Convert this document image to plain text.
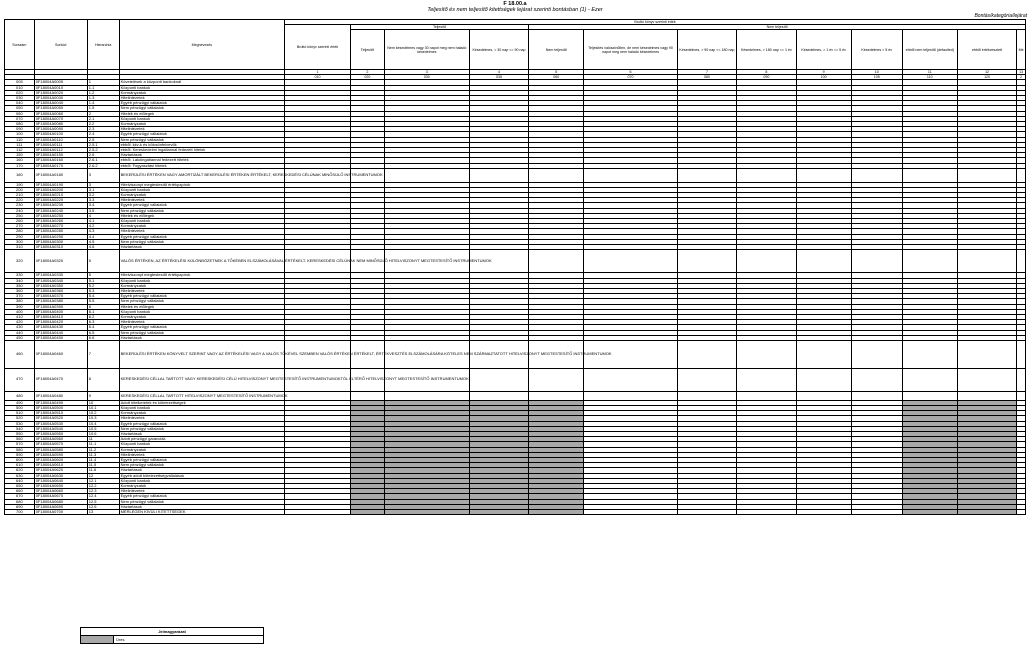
F 18.00.a
Teljesítő és nem teljesítő kitettségek lejárat szerinti bontásban (1) - Ezer
Bontás/kategória/lejárat
Sorszám	Sorkód	Hierarchia	Megnevezés	Bruttó könyv szerinti érték												
				Bruttó könyv szerinti érték	Teljesítő			Nem teljesítő								
					Teljesítő	Nem késedelmes vagy 30 napot meg nem haladó késedelmes	Késedelmes, > 30 nap <= 90 nap	Nem teljesítő	Teljesítés valószínűtlen, de nem késedelmes vagy 90 napot meg nem haladó késedelmes	Késedelmes, > 90 nap <= 180 nap	Késedelmes, > 180 nap <= 1 év	Késedelmes, > 1 év <= 5 év	Késedelmes > 5 év	ebből nem teljesítő (defaulted)	ebből értékvesztett	Mé
				1	2	3	4	5	6	7	8	9	10	11	12	13
				010	020	030	035	060	070	080	090	100	105	110	120	2
005	0F18004A0005	1	Követelések a központi bankoknál													
010	0F18004A0010	1.1	Központi bankok													
020	0F18004A0020	1.2	Kormányzatok													
030	0F18004A0030	1.3	Hitelintézetek													
040	0F18004A0040	1.4	Egyéb pénzügyi vállalatok													
050	0F18004A0050	1.5	Nem pénzügyi vállalatok													
060	0F18004A0060	2	Hitelek és előlegek													
070	0F18004A0070	2.1	Központi bankok													
080	0F18004A0080	2.2	Kormányzatok													
090	0F18004A0090	2.3	Hitelintézetek													
100	0F18004A0100	2.4	Egyéb pénzügyi vállalatok													
110	0F18004A0110	2.5	Nem pénzügyi vállalatok													
111	0F18004A0111	2.5.1	ebből: kkv-k és kölcsönfelvevők													
112	0F18004A0112	2.5.2	ebből: Kereskedelmi ingatlannal fedezett hitelek													
150	0F18004A0150	2.6	Háztartások													
160	0F18004A0160	2.6.1	ebből: Lakóingatlannal fedezett hitelek													
170	0F18004A0170	2.6.2	ebből: Fogyasztási hitelek													
180	0F18004A0180	3	BEKERÜLÉSI ÉRTÉKEN VAGY AMORTIZÁLT BEKERÜLÉSI ÉRTÉKEN ÉRTÉKELT, KERESKEDÉSI CÉLÚNAK MINŐSÜLŐ INSTRUMENTUMOK													
190	0F18004A0190	3	Hitelviszonyt megtestesítő értékpapírok													
200	0F18004A0200	3.1	Központi bankok													
210	0F18004A0210	3.2	Kormányzatok													
220	0F18004A0220	3.3	Hitelintézetek													
230	0F18004A0230	3.4	Egyéb pénzügyi vállalatok													
240	0F18004A0240	3.5	Nem pénzügyi vállalatok													
250	0F18004A0250	4	Hitelek és előlegek													
260	0F18004A0260	4.1	Központi bankok													
270	0F18004A0270	4.2	Kormányzatok													
280	0F18004A0280	4.3	Hitelintézetek													
290	0F18004A0290	4.4	Egyéb pénzügyi vállalatok													
300	0F18004A0300	4.5	Nem pénzügyi vállalatok													
310	0F18004A0310	4.6	Háztartások													
320	0F18004A0320	5	VALÓS ÉRTÉKEN, AZ ÉRTÉKELÉSI KÜLÖNBÖZETNEK A TŐKÉBEN ELSZÁMOLÁSÁVAL ÉRTÉKELT, KERESKEDÉSI CÉLÚNAK NEM MINŐSÜLŐ HITELVISZONYT MEGTESTESÍTŐ INSTRUMENTUMOK													
330	0F18004A0330	5	Hitelviszonyt megtestesítő értékpapírok													
340	0F18004A0340	5.1	Központi bankok													
350	0F18004A0350	5.2	Kormányzatok													
360	0F18004A0360	5.3	Hitelintézetek													
370	0F18004A0370	5.4	Egyéb pénzügyi vállalatok													
380	0F18004A0380	5.5	Nem pénzügyi vállalatok													
390	0F18004A0390	6	Hitelek és előlegek													
400	0F18004A0400	6.1	Központi bankok													
410	0F18004A0410	6.2	Kormányzatok													
420	0F18004A0420	6.3	Hitelintézetek													
430	0F18004A0430	6.4	Egyéb pénzügyi vállalatok													
440	0F18004A0440	6.5	Nem pénzügyi vállalatok													
450	0F18004A0450	6.6	Háztartások													
460	0F18004A0460	7	BEKERÜLÉSI ÉRTÉKEN KÖNYVELT SZERINT VAGY AZ ÉRTÉKELÉSI VAGY A VALÓS TŐKÉVEL SZEMBEN VALÓS ÉRTÉKEN ÉRTÉKELT, ÉRTÉKVESZTÉS ELSZÁMOLÁSÁRA KÖTELES NEM SZÁRMAZTATOTT HITELVISZONYT MEGTESTESÍTŐ INSTRUMENTUMOK													
470	0F18004A0470	8	KERESKEDÉSI CÉLLAL TARTOTT VAGY KERESKEDÉSI CÉLÚ HITELVISZONYT MEGTESTESÍTŐ INSTRUMENTUMOKTÓL ELTÉRŐ HITELVISZONYT MEGTESTESÍTŐ INSTRUMENTUMOK													
480	0F18004A0480	9	KERESKEDÉSI CÉLLAL TARTOTT HITELVISZONYT MEGTESTESÍTŐ INSTRUMENTUMOK													
490	0F18004A0490	10	Adott hitelkeretek és kötelezettségek													
500	0F18004A0500	10.1	Központi bankok													
510	0F18004A0510	10.2	Kormányzatok													
520	0F18004A0520	10.3	Hitelintézetek													
530	0F18004A0530	10.4	Egyéb pénzügyi vállalatok													
540	0F18004A0540	10.5	Nem pénzügyi vállalatok													
550	0F18004A0550	10.6	Háztartások													
560	0F18004A0560	11	Adott pénzügyi garanciák													
570	0F18004A0570	11.1	Központi bankok													
580	0F18004A0580	11.2	Kormányzatok													
590	0F18004A0590	11.3	Hitelintézetek													
600	0F18004A0600	11.4	Egyéb pénzügyi vállalatok													
610	0F18004A0610	11.5	Nem pénzügyi vállalatok													
620	0F18004A0620	11.6	Háztartások													
630	0F18004A0630	12	Egyéb adott kötelezettségvállalások													
640	0F18004A0640	12.1	Központi bankok													
650	0F18004A0650	12.2	Kormányzatok													
660	0F18004A0660	12.3	Hitelintézetek													
670	0F18004A0670	12.4	Egyéb pénzügyi vállalatok													
680	0F18004A0680	12.5	Nem pénzügyi vállalatok													
690	0F18004A0690	12.6	Háztartások													
700	0F18004A0700	13	MÉRLEGEN KÍVÜLI KITETTSÉGEK													
Jelmagyarázat
	Üres
